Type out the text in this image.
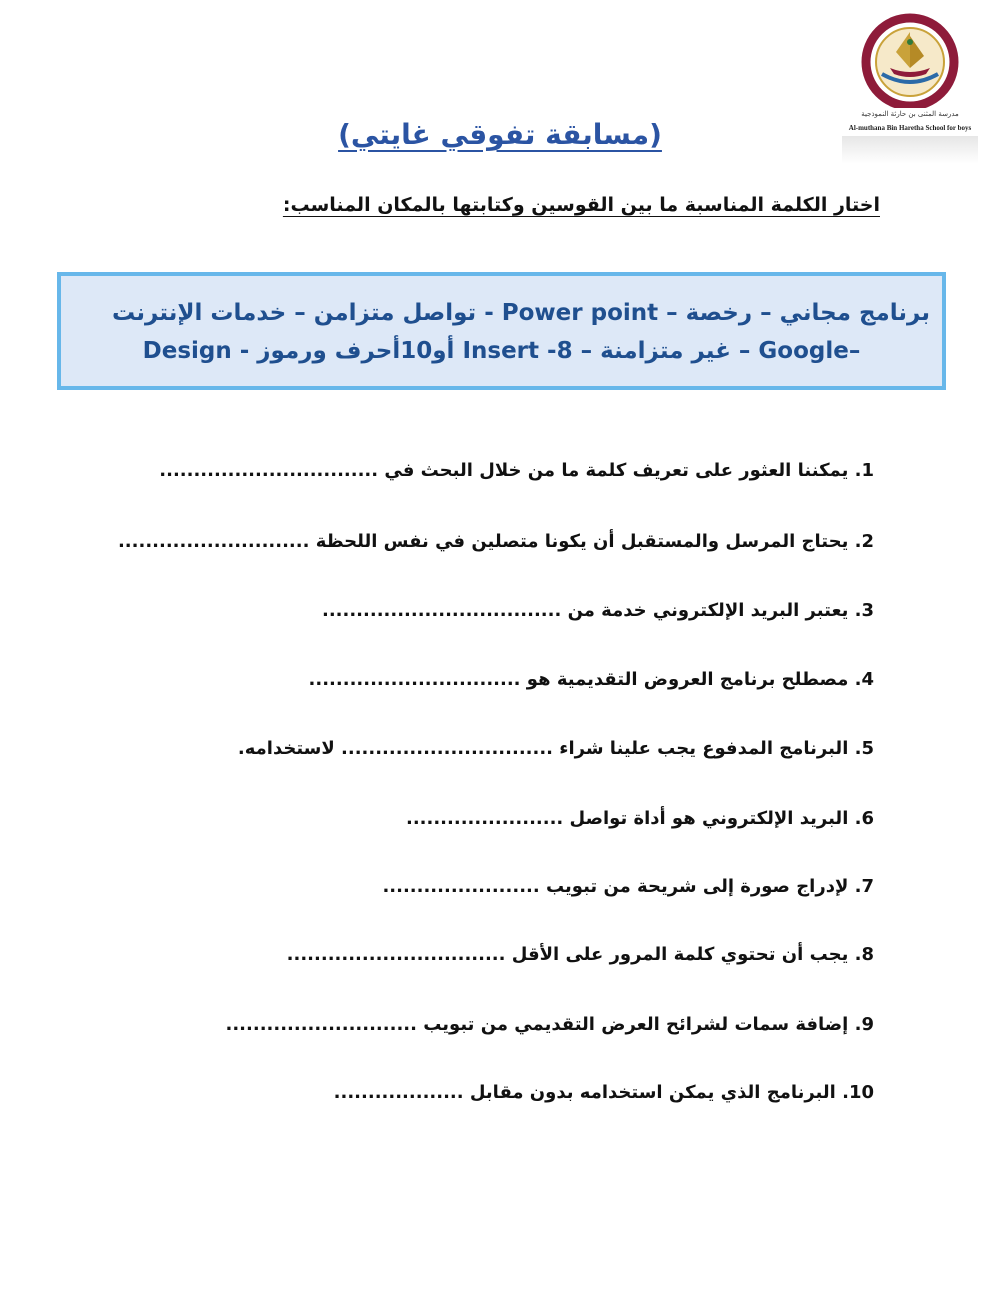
مدرسة المثنى بن حارثة النموذجية
Al-muthana Bin Haretha School for boys
(مسابقة تفوقي غايتي)
اختار الكلمة المناسبة ما بين القوسين وكتابتها بالمكان المناسب:
برنامج مجاني – رخصة – Power point - تواصل متزامن – خدمات الإنترنت
–Google – غير متزامنة – Insert -8 أو10أحرف ورموز - Design
1. يمكننا العثور على تعريف كلمة ما من خلال البحث في ................................
2. يحتاج المرسل والمستقبل أن يكونا متصلين في نفس اللحظة ............................
3. يعتبر البريد الإلكتروني خدمة من ...................................
4. مصطلح برنامج العروض التقديمية هو ...............................
5. البرنامج المدفوع يجب علينا شراء ............................... لاستخدامه.
6. البريد الإلكتروني هو أداة تواصل .......................
7. لإدراج صورة إلى شريحة من تبويب .......................
8. يجب أن تحتوي كلمة المرور على الأقل ................................
9. إضافة سمات لشرائح العرض التقديمي من تبويب ............................
10. البرنامج الذي يمكن استخدامه بدون مقابل ...................
